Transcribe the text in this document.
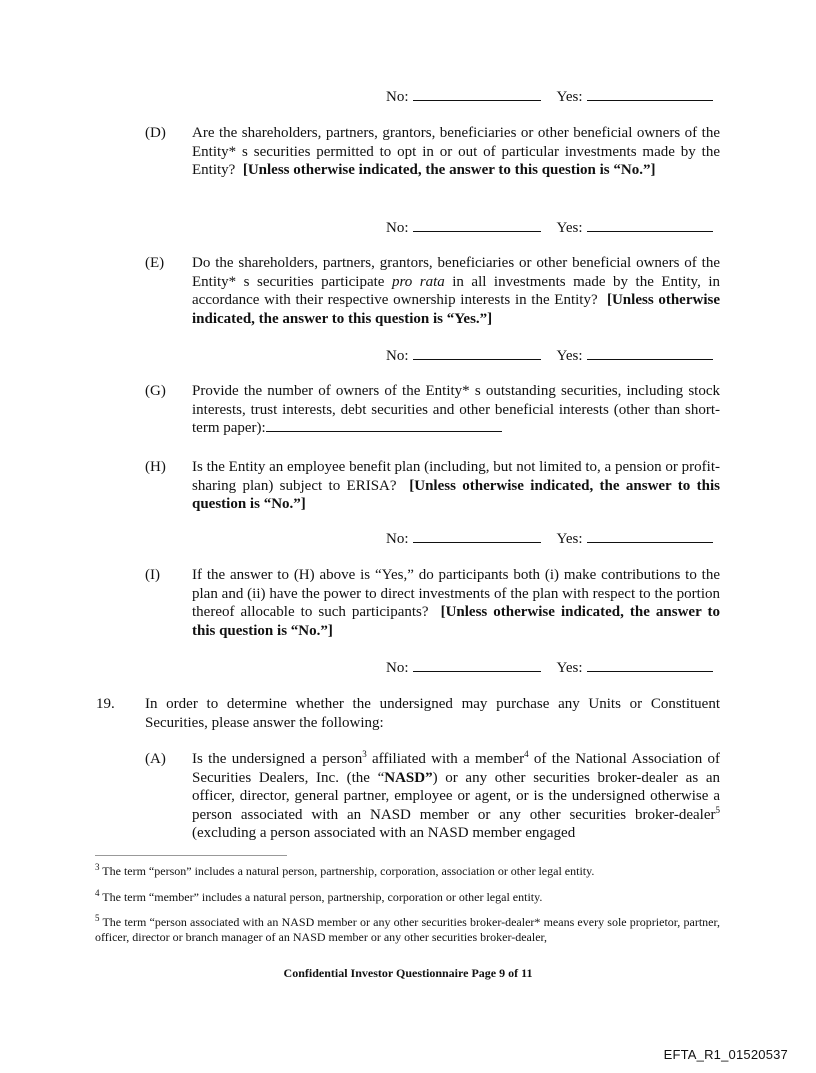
No:	Yes:
(D) Are the shareholders, partners, grantors, beneficiaries or other beneficial owners of the Entity* s securities permitted to opt in or out of particular investments made by the Entity? [Unless otherwise indicated, the answer to this question is “No.”]
No:	Yes:
(E) Do the shareholders, partners, grantors, beneficiaries or other beneficial owners of the Entity* s securities participate pro rata in all investments made by the Entity, in accordance with their respective ownership interests in the Entity? [Unless otherwise indicated, the answer to this question is “Yes.”]
No:	Yes:
(G) Provide the number of owners of the Entity* s outstanding securities, including stock interests, trust interests, debt securities and other beneficial interests (other than short-term paper):
(H) Is the Entity an employee benefit plan (including, but not limited to, a pension or profit-sharing plan) subject to ERISA? [Unless otherwise indicated, the answer to this question is “No.”]
No:	Yes:
(I) If the answer to (H) above is “Yes,” do participants both (i) make contributions to the plan and (ii) have the power to direct investments of the plan with respect to the portion thereof allocable to such participants? [Unless otherwise indicated, the answer to this question is “No.”]
No:	Yes:
19. In order to determine whether the undersigned may purchase any Units or Constituent Securities, please answer the following:
(A) Is the undersigned a person$^3$ affiliated with a member$^4$ of the National Association of Securities Dealers, Inc. (the “NASD”) or any other securities broker-dealer as an officer, director, general partner, employee or agent, or is the undersigned otherwise a person associated with an NASD member or any other securities broker-dealer$^5$ (excluding a person associated with an NASD member engaged
$^3$ The term “person” includes a natural person, partnership, corporation, association or other legal entity.
$^4$ The term “member” includes a natural person, partnership, corporation or other legal entity.
$^5$ The term “person associated with an NASD member or any other securities broker-dealer* means every sole proprietor, partner, officer, director or branch manager of an NASD member or any other securities broker-dealer,
Confidential Investor Questionnaire Page 9 of 11
EFTA_R1_01520537
